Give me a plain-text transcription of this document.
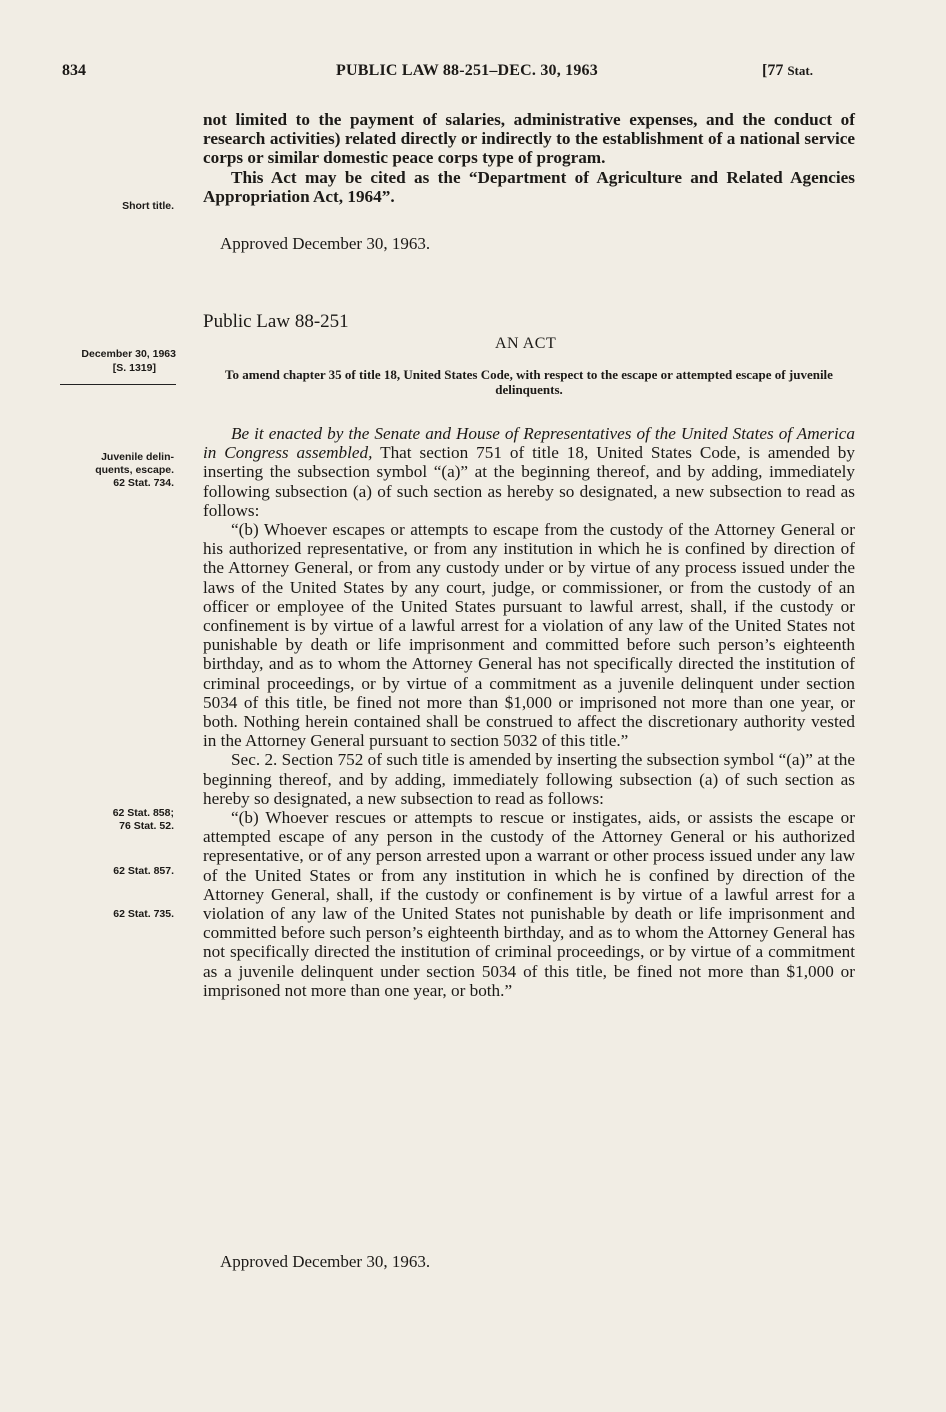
834	PUBLIC LAW 88-251–DEC. 30, 1963	[77 Stat.

not limited to the payment of salaries, administrative expenses, and the conduct of research activities) related directly or indirectly to the establishment of a national service corps or similar domestic peace corps type of program.

This Act may be cited as the “Department of Agriculture and Related Agencies Appropriation Act, 1964”.

Approved December 30, 1963.
Short title.
Public Law 88-251
AN ACT
To amend chapter 35 of title 18, United States Code, with respect to the escape or attempted escape of juvenile delinquents.
December 30, 1963
[S. 1319]

Be it enacted by the Senate and House of Representatives of the United States of America in Congress assembled, That section 751 of title 18, United States Code, is amended by inserting the subsection symbol “(a)” at the beginning thereof, and by adding, immediately following subsection (a) of such section as hereby so designated, a new subsection to read as follows:

“(b) Whoever escapes or attempts to escape from the custody of the Attorney General or his authorized representative, or from any institution in which he is confined by direction of the Attorney General, or from any custody under or by virtue of any process issued under the laws of the United States by any court, judge, or commissioner, or from the custody of an officer or employee of the United States pursuant to lawful arrest, shall, if the custody or confinement is by virtue of a lawful arrest for a violation of any law of the United States not punishable by death or life imprisonment and committed before such person’s eighteenth birthday, and as to whom the Attorney General has not specifically directed the institution of criminal proceedings, or by virtue of a commitment as a juvenile delinquent under section 5034 of this title, be fined not more than $1,000 or imprisoned not more than one year, or both. Nothing herein contained shall be construed to affect the discretionary authority vested in the Attorney General pursuant to section 5032 of this title.”

Sec. 2. Section 752 of such title is amended by inserting the subsection symbol “(a)” at the beginning thereof, and by adding, immediately following subsection (a) of such section as hereby so designated, a new subsection to read as follows:

“(b) Whoever rescues or attempts to rescue or instigates, aids, or assists the escape or attempted escape of any person in the custody of the Attorney General or his authorized representative, or of any person arrested upon a warrant or other process issued under any law of the United States or from any institution in which he is confined by direction of the Attorney General, shall, if the custody or confinement is by virtue of a lawful arrest for a violation of any law of the United States not punishable by death or life imprisonment and committed before such person’s eighteenth birthday, and as to whom the Attorney General has not specifically directed the institution of criminal proceedings, or by virtue of a commitment as a juvenile delinquent under section 5034 of this title, be fined not more than $1,000 or imprisoned not more than one year, or both.”

Approved December 30, 1963.
Juvenile delin-
quents, escape.
62 Stat. 734.
62 Stat. 858;
76 Stat. 52.
62 Stat. 857.
62 Stat. 735.
